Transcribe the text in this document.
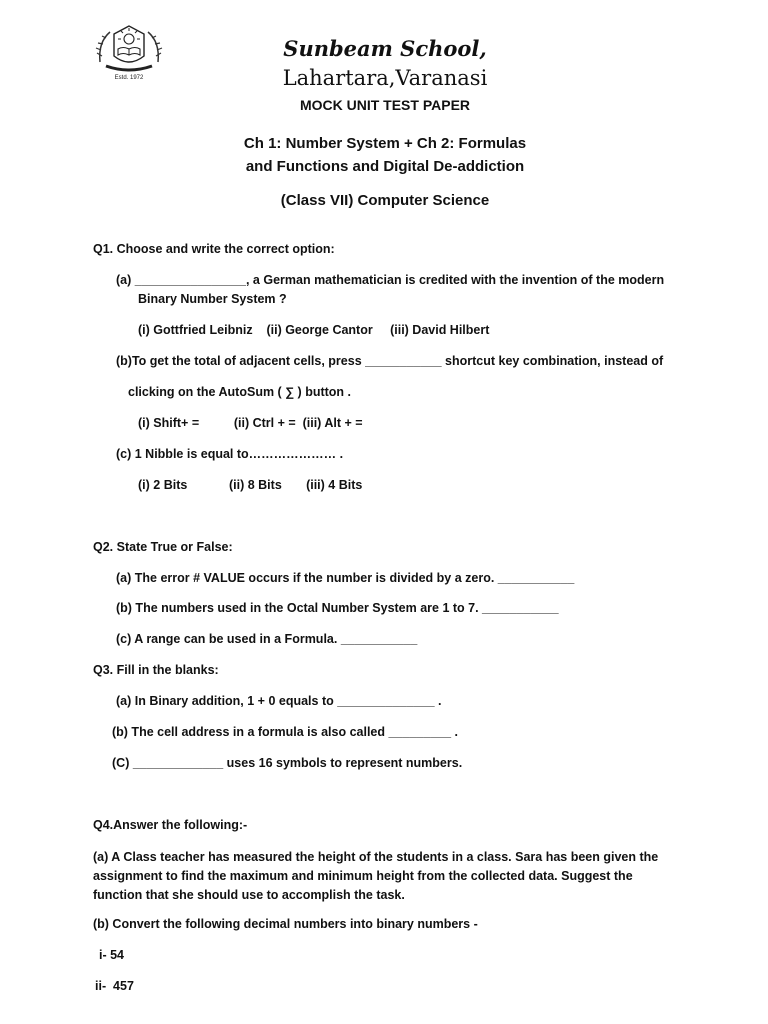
Estd. 1972
Sunbeam School,
Lahartara,Varanasi
MOCK UNIT TEST PAPER
Ch 1: Number System + Ch 2: Formulas
and Functions and Digital De-addiction
(Class VII) Computer Science
Q1. Choose and write the correct option:
(a) ________________, a German mathematician is credited with the invention of the modern
Binary Number System ?
(i) Gottfried Leibniz    (ii) George Cantor     (iii) David Hilbert
(b)To get the total of adjacent cells, press ___________ shortcut key combination, instead of
clicking on the AutoSum ( ∑ ) button .
(i) Shift+ =          (ii) Ctrl + =  (iii) Alt + =
(c) 1 Nibble is equal to………………… .
(i) 2 Bits            (ii) 8 Bits       (iii) 4 Bits
Q2. State True or False:
(a) The error # VALUE occurs if the number is divided by a zero. ___________
(b) The numbers used in the Octal Number System are 1 to 7. ___________
(c) A range can be used in a Formula. ___________
Q3. Fill in the blanks:
(a) In Binary addition, 1 + 0 equals to ______________ .
(b) The cell address in a formula is also called _________ .
(C) _____________ uses 16 symbols to represent numbers.
Q4.Answer the following:-
(a) A Class teacher has measured the height of the students in a class. Sara has been given the assignment to find the maximum and minimum height from the collected data. Suggest the function that she should use to accomplish the task.
(b) Convert the following decimal numbers into binary numbers -
i- 54
ii-  457
